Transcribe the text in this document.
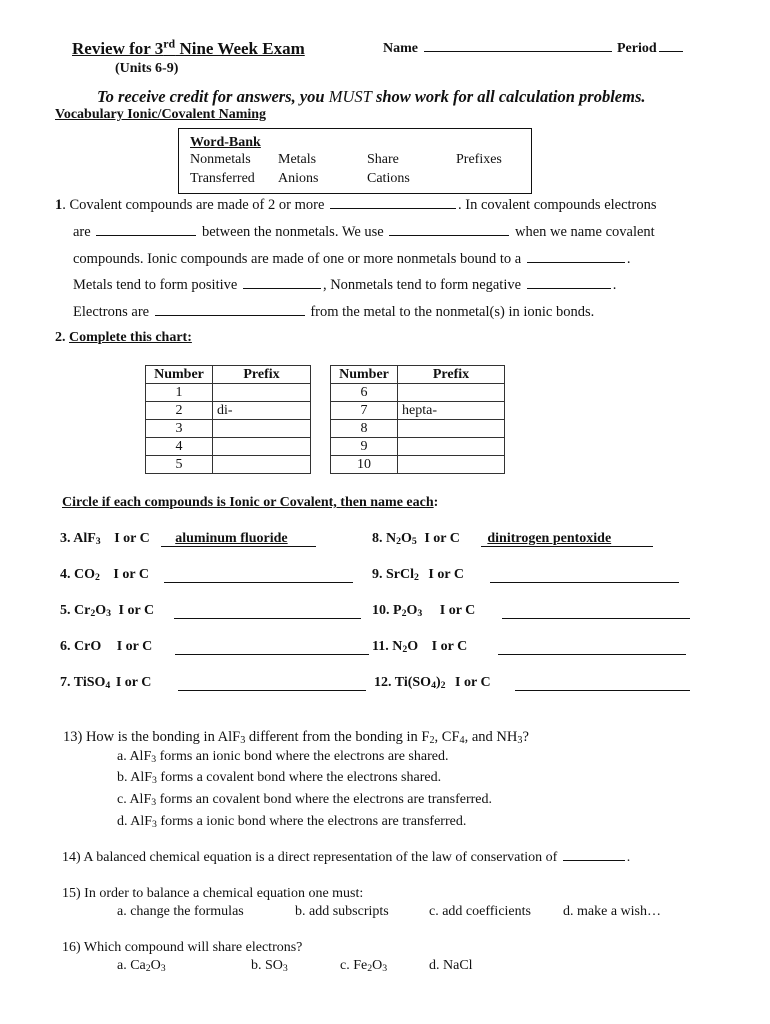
Review for 3rd Nine Week Exam
(Units 6-9)
Name	Period
To receive credit for answers, you MUST show work for all calculation problems.
Vocabulary Ionic/Covalent Naming
Word-Bank
Nonmetals Metals	Share	Prefixes
Transferred Anions	Cations
1. Covalent compounds are made of 2 or more	. In covalent compounds electrons
are	between the nonmetals. We use	when we name covalent
compounds. Ionic compounds are made of one or more nonmetals bound to a	.
Metals tend to form positive	, Nonmetals tend to form negative	.
Electrons are	from the metal to the nonmetal(s) in ionic bonds.
2. Complete this chart:
Number	Prefix
1	
2	di-
3	
4	
5	
Number	Prefix
6	
7	hepta-
8	
9	
10	
Circle if each compounds is Ionic or Covalent, then name each:
3. AlF$_3$ I or C aluminum fluoride
4. $CO_2$ I or C
5. $Cr_2O_3$ I or C
6. CrO I or C
7. TiSO$_4$ I or C
8. $N_2O_5$ I or C dinitrogen pentoxide
9. SrCl$_2$ I or C
10. $P_2O_3$ I or C
11. $N_2O$ I or C
12. $Ti(SO_4)_2$ I or C
13) How is the bonding in AlF$_3$ different from the bonding in $F_2$, $CF_4$, and $NH_3$?
a. AlF$_3$ forms an ionic bond where the electrons are shared.
b. AlF$_3$ forms a covalent bond where the electrons shared.
c. AlF$_3$ forms an covalent bond where the electrons are transferred.
d. AlF$_3$ forms a ionic bond where the electrons are transferred.
14) A balanced chemical equation is a direct representation of the law of conservation of	.
15) In order to balance a chemical equation one must:
a. change the formulas	b. add subscripts	c. add coefficients d. make a wish…
16) Which compound will share electrons?
a. $Ca_2O_3$	b. $SO_3$	c. $Fe_2O_3$	d. NaCl
